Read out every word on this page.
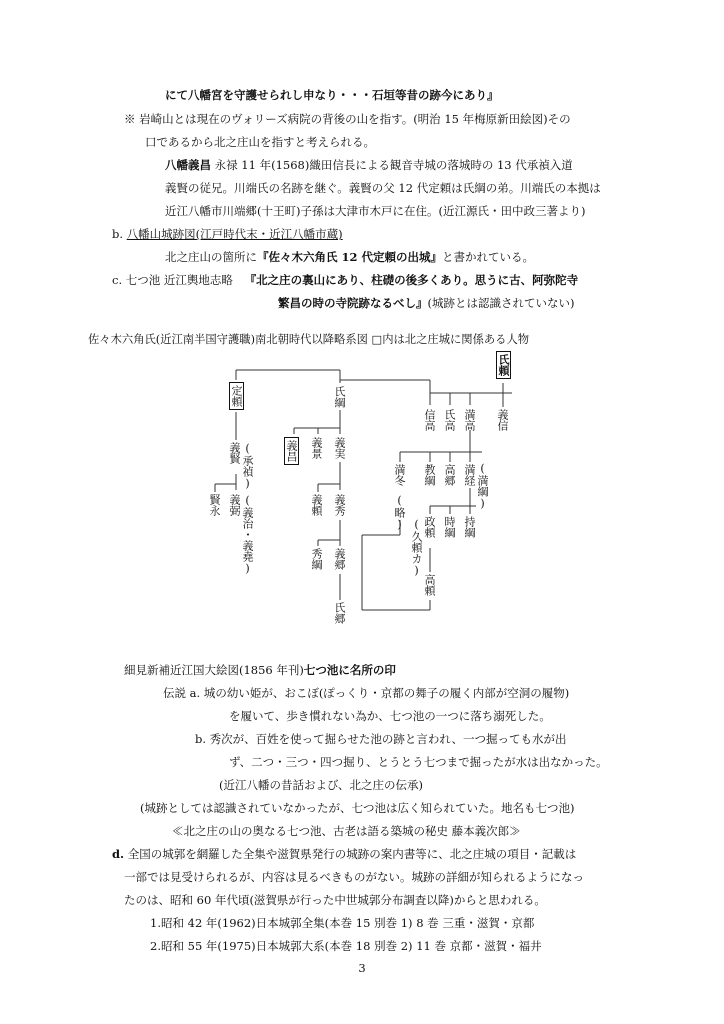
にて八幡宮を守護せられし申なり・・・石垣等昔の跡今にあり』
※ 岩崎山とは現在のヴォリーズ病院の背後の山を指す。(明治 15 年梅原新田絵図)その
口であるから北之庄山を指すと考えられる。
八幡義昌 永禄 11 年(1568)織田信長による観音寺城の落城時の 13 代承禎入道
義賢の従兄。川端氏の名跡を継ぐ。義賢の父 12 代定頼は氏綱の弟。川端氏の本拠は
近江八幡市川端郷(十王町)子孫は大津市木戸に在住。(近江源氏・田中政三著より)
b. 八幡山城跡図(江戸時代末・近江八幡市蔵)
北之庄山の箇所に『佐々木六角氏 12 代定頼の出城』と書かれている。
c. 七つ池 近江輿地志略 『北之庄の裏山にあり、柱礎の後多くあり。思うに古、阿弥陀寺
繁昌の時の寺院跡なるべし』(城跡とは認識されていない)
佐々木六角氏(近江南半国守護職)南北朝時代以降略系図 □内は北之庄城に関係ある人物
氏頼
定頼	氏綱
信高 氏高 満高 義信
(承禎)
義賢	義昌 義景 義実
満冬 教綱 高郷 満経 (満綱)
賢永 義弼 (義治・義堯)	義頼 義秀	(略) 政頼
(久頼カ) 時綱 持綱
秀綱 義郷
高頼
氏郷
細見新補近江国大絵図(1856 年刊)七つ池に名所の印
伝説 a. 城の幼い姫が、おこぼ(ぽっくり・京都の舞子の履く内部が空洞の履物)
を履いて、歩き慣れない為か、七つ池の一つに落ち溺死した。
b. 秀次が、百姓を使って掘らせた池の跡と言われ、一つ掘っても水が出
ず、二つ・三つ・四つ掘り、とうとう七つまで掘ったが水は出なかった。
(近江八幡の昔話および、北之庄の伝承)
(城跡としては認識されていなかったが、七つ池は広く知られていた。地名も七つ池)
≪北之庄の山の奥なる七つ池、古老は語る築城の秘史 藤本義次郎≫
d. 全国の城郭を網羅した全集や滋賀県発行の城跡の案内書等に、北之庄城の項目・記載は
一部では見受けられるが、内容は見るべきものがない。城跡の詳細が知られるようになっ
たのは、昭和 60 年代頃(滋賀県が行った中世城郭分布調査以降)からと思われる。
1.昭和 42 年(1962)日本城郭全集(本巻 15 別巻 1) 8 巻 三重・滋賀・京都
2.昭和 55 年(1975)日本城郭大系(本巻 18 別巻 2) 11 巻 京都・滋賀・福井
3
